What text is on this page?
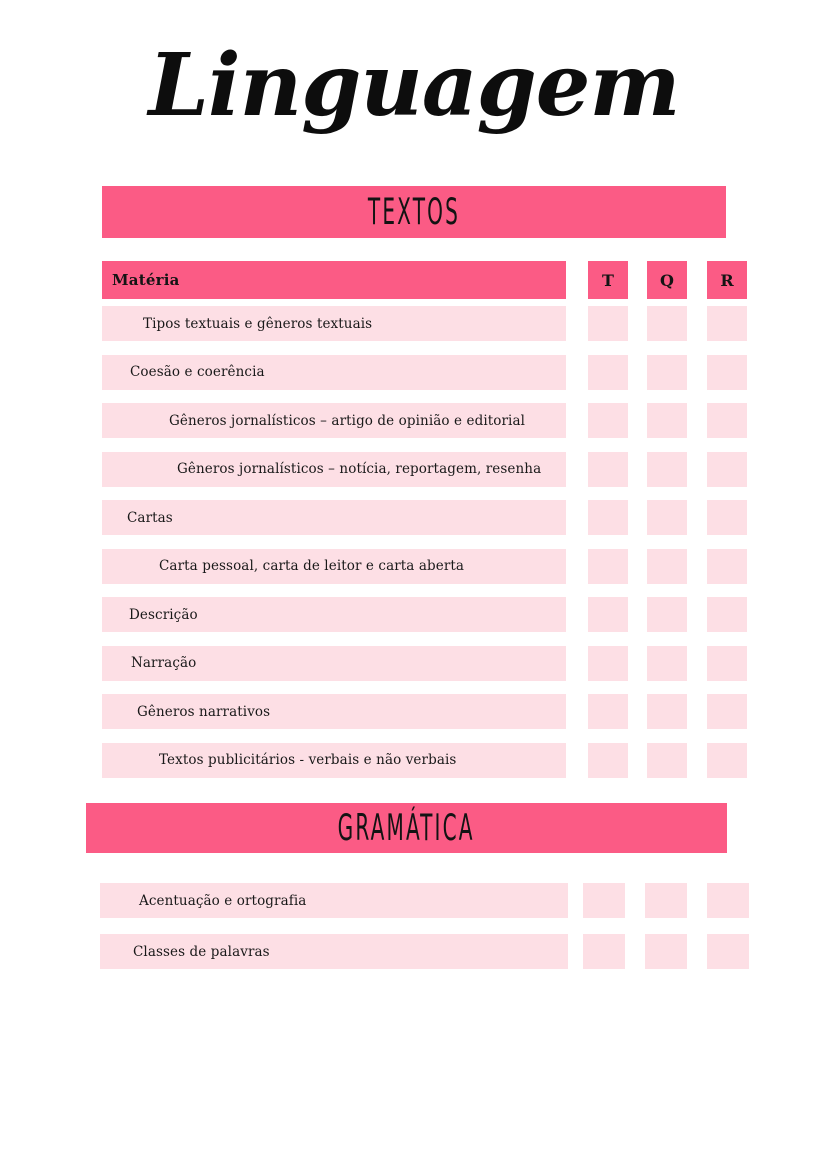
Linguagem
TEXTOS
Matéria	T	Q	R
Tipos textuais e gêneros textuais
Coesão e coerência
Gêneros jornalísticos – artigo de opinião e editorial
Gêneros jornalísticos – notícia, reportagem, resenha
Cartas
Carta pessoal, carta de leitor e carta aberta
Descrição
Narração
Gêneros narrativos
Textos publicitários - verbais e não verbais
GRAMÁTICA
Acentuação e ortografia
Classes de palavras
